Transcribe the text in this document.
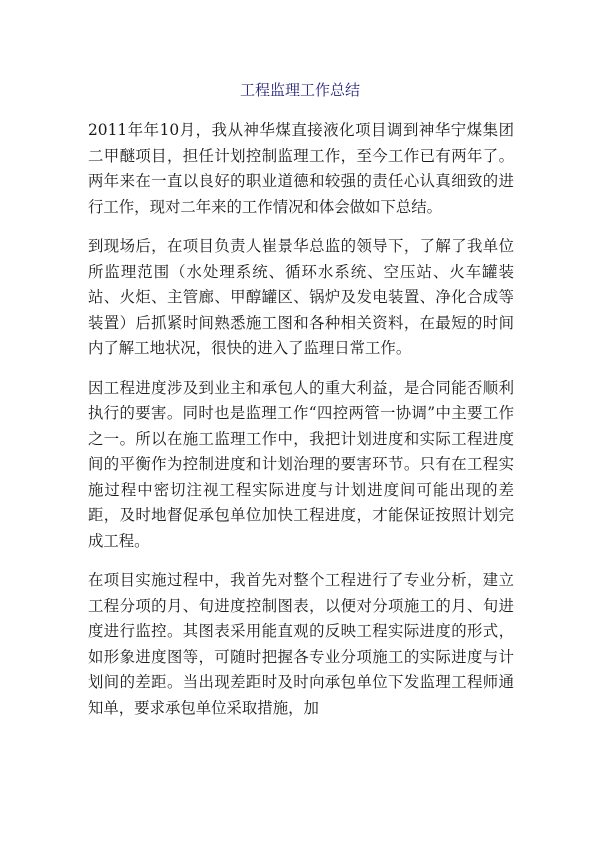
工程监理工作总结

2011年年10月，我从神华煤直接液化项目调到神华宁煤集团二甲醚项目，担任计划控制监理工作，至今工作已有两年了。两年来在一直以良好的职业道德和较强的责任心认真细致的进行工作，现对二年来的工作情况和体会做如下总结。

到现场后，在项目负责人崔景华总监的领导下，了解了我单位所监理范围（水处理系统、循环水系统、空压站、火车罐装站、火炬、主管廊、甲醇罐区、锅炉及发电装置、净化合成等装置）后抓紧时间熟悉施工图和各种相关资料，在最短的时间内了解工地状况，很快的进入了监理日常工作。

因工程进度涉及到业主和承包人的重大利益，是合同能否顺利执行的要害。同时也是监理工作“四控两管一协调”中主要工作之一。所以在施工监理工作中，我把计划进度和实际工程进度间的平衡作为控制进度和计划治理的要害环节。只有在工程实施过程中密切注视工程实际进度与计划进度间可能出现的差距，及时地督促承包单位加快工程进度，才能保证按照计划完成工程。

在项目实施过程中，我首先对整个工程进行了专业分析，建立工程分项的月、旬进度控制图表，以便对分项施工的月、旬进度进行监控。其图表采用能直观的反映工程实际进度的形式，如形象进度图等，可随时把握各专业分项施工的实际进度与计划间的差距。当出现差距时及时向承包单位下发监理工程师通知单，要求承包单位采取措施，加
